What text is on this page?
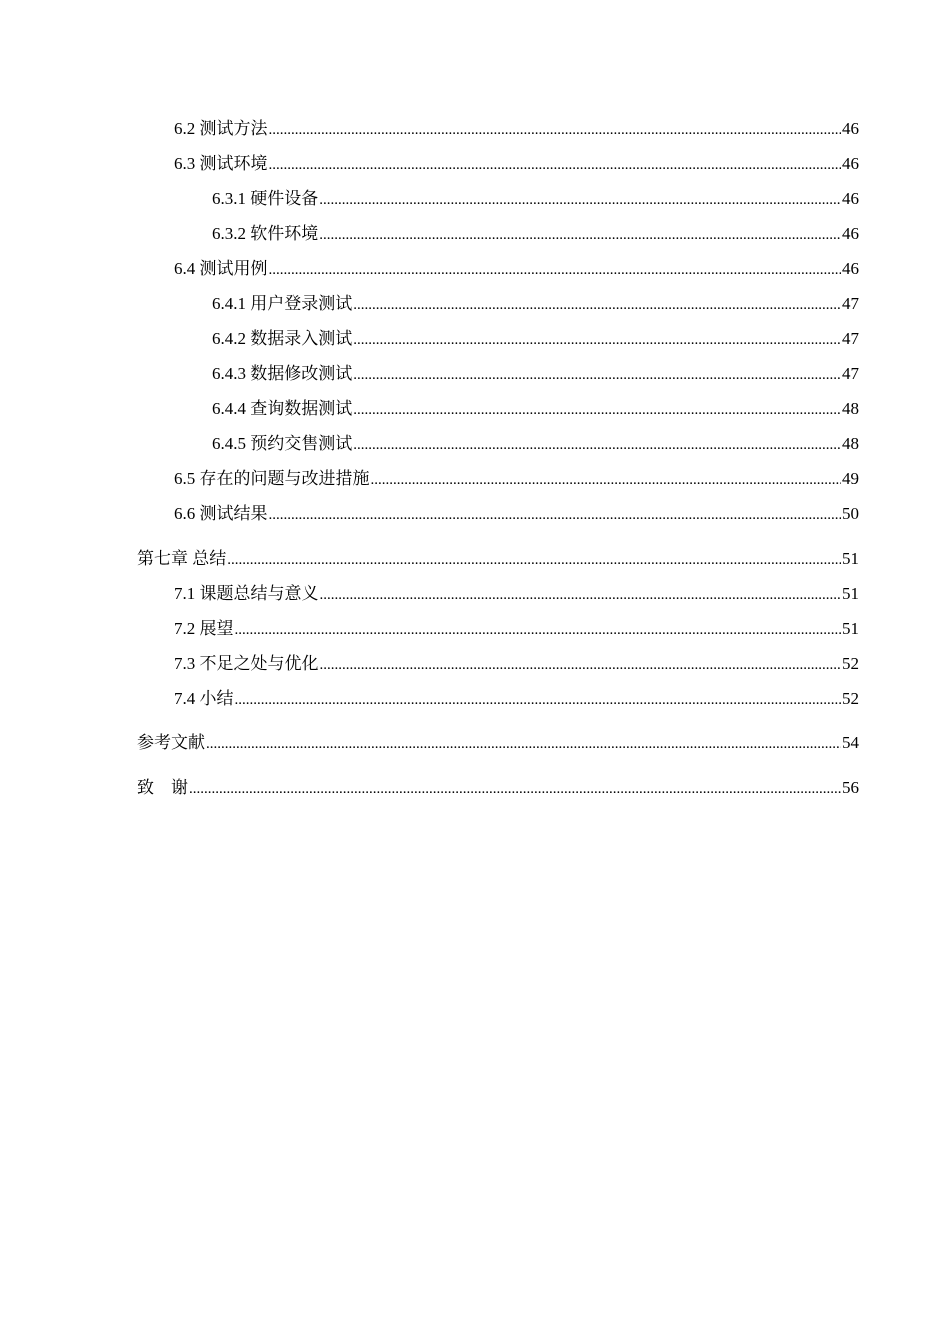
6.2 测试方法 .....	46
6.3 测试环境 .....	46
6.3.1 硬件设备 .....	46
6.3.2 软件环境 .....	46
6.4 测试用例 .....	46
6.4.1 用户登录测试 .....	47
6.4.2 数据录入测试 .....	47
6.4.3 数据修改测试 .....	47
6.4.4 查询数据测试 .....	48
6.4.5 预约交售测试 .....	48
6.5 存在的问题与改进措施 .....	49
6.6 测试结果 .....	50
第七章 总结 .....	51
7.1 课题总结与意义 .....	51
7.2 展望 .....	51
7.3 不足之处与优化 .....	52
7.4 小结 .....	52
参考文献 .....	54
致    谢 .....	56
